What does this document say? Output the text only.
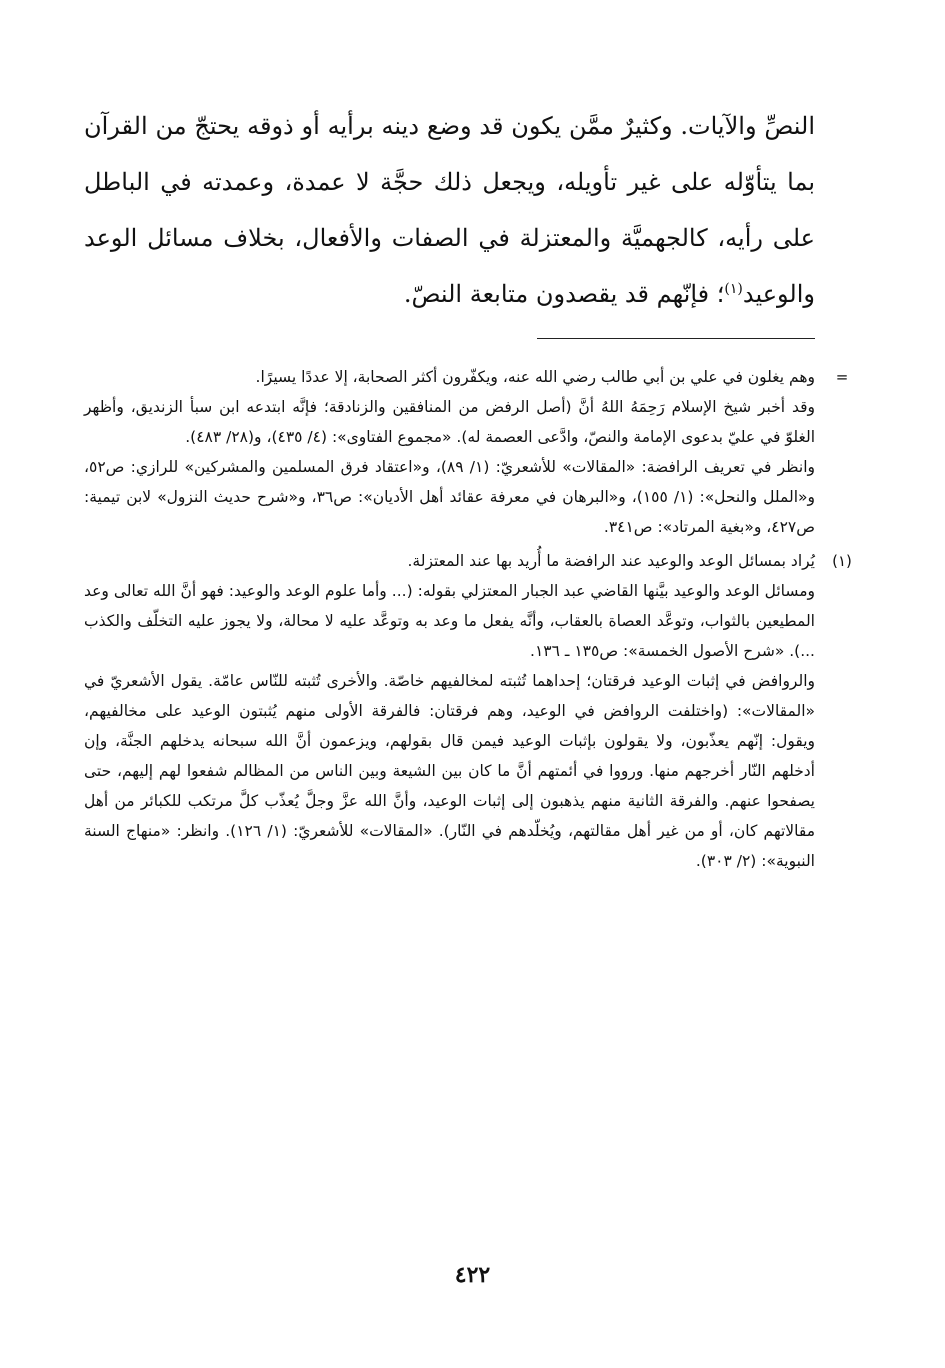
النصِّ والآيات. وكثيرٌ ممَّن يكون قد وضع دينه برأيه أو ذوقه يحتجّ من القرآن بما يتأوّله على غير تأويله، ويجعل ذلك حجَّة لا عمدة، وعمدته في الباطل على رأيه، كالجهميَّة والمعتزلة في الصفات والأفعال، بخلاف مسائل الوعد والوعيد$^{(١)}$؛ فإنّهم قد يقصدون متابعة النصّ.

=

وهم يغلون في علي بن أبي طالب رضي الله عنه، ويكفّرون أكثر الصحابة، إلا عددًا يسيرًا.

وقد أخبر شيخ الإسلام رَحِمَهُ اللهُ أنَّ (أصل الرفض من المنافقين والزنادقة؛ فإنَّه ابتدعه ابن سبأ الزنديق، وأظهر الغلوّ في عليّ بدعوى الإمامة والنصّ، وادَّعى العصمة له). «مجموع الفتاوى»: (٤/ ٤٣٥)، و(٢٨/ ٤٨٣).

وانظر في تعريف الرافضة: «المقالات» للأشعريّ: (١/ ٨٩)، و«اعتقاد فرق المسلمين والمشركين» للرازي: ص٥٢، و«الملل والنحل»: (١/ ١٥٥)، و«البرهان في معرفة عقائد أهل الأديان»: ص٣٦، و«شرح حديث النزول» لابن تيمية: ص٤٢٧، و«بغية المرتاد»: ص٣٤١.

(١)

يُراد بمسائل الوعد والوعيد عند الرافضة ما أُريد بها عند المعتزلة.

ومسائل الوعد والوعيد بيَّنها القاضي عبد الجبار المعتزلي بقوله: (... وأما علوم الوعد والوعيد: فهو أنَّ الله تعالى وعد المطيعين بالثواب، وتوعَّد العصاة بالعقاب، وأنَّه يفعل ما وعد به وتوعَّد عليه لا محالة، ولا يجوز عليه التخلّف والكذب ...). «شرح الأصول الخمسة»: ص١٣٥ ـ ١٣٦.

والروافض في إثبات الوعيد فرقتان؛ إحداهما تُثبته لمخالفيهم خاصّة. والأخرى تُثبته للنّاس عامّة. يقول الأشعريّ في «المقالات»: (واختلفت الروافض في الوعيد، وهم فرقتان: فالفرقة الأولى منهم يُثبتون الوعيد على مخالفيهم، ويقول: إنّهم يعذّبون، ولا يقولون بإثبات الوعيد فيمن قال بقولهم، ويزعمون أنَّ الله سبحانه يدخلهم الجنَّة، وإن أدخلهم النّار أخرجهم منها. ورووا في أئمتهم أنَّ ما كان بين الشيعة وبين الناس من المظالم شفعوا لهم إليهم، حتى يصفحوا عنهم. والفرقة الثانية منهم يذهبون إلى إثبات الوعيد، وأنَّ الله عزَّ وجلَّ يُعذّب كلَّ مرتكب للكبائر من أهل مقالاتهم كان، أو من غير أهل مقالتهم، ويُخلّدهم في النّار). «المقالات» للأشعريّ: (١/ ١٢٦). وانظر: «منهاج السنة النبوية»: (٢/ ٣٠٣).

٤٢٢
